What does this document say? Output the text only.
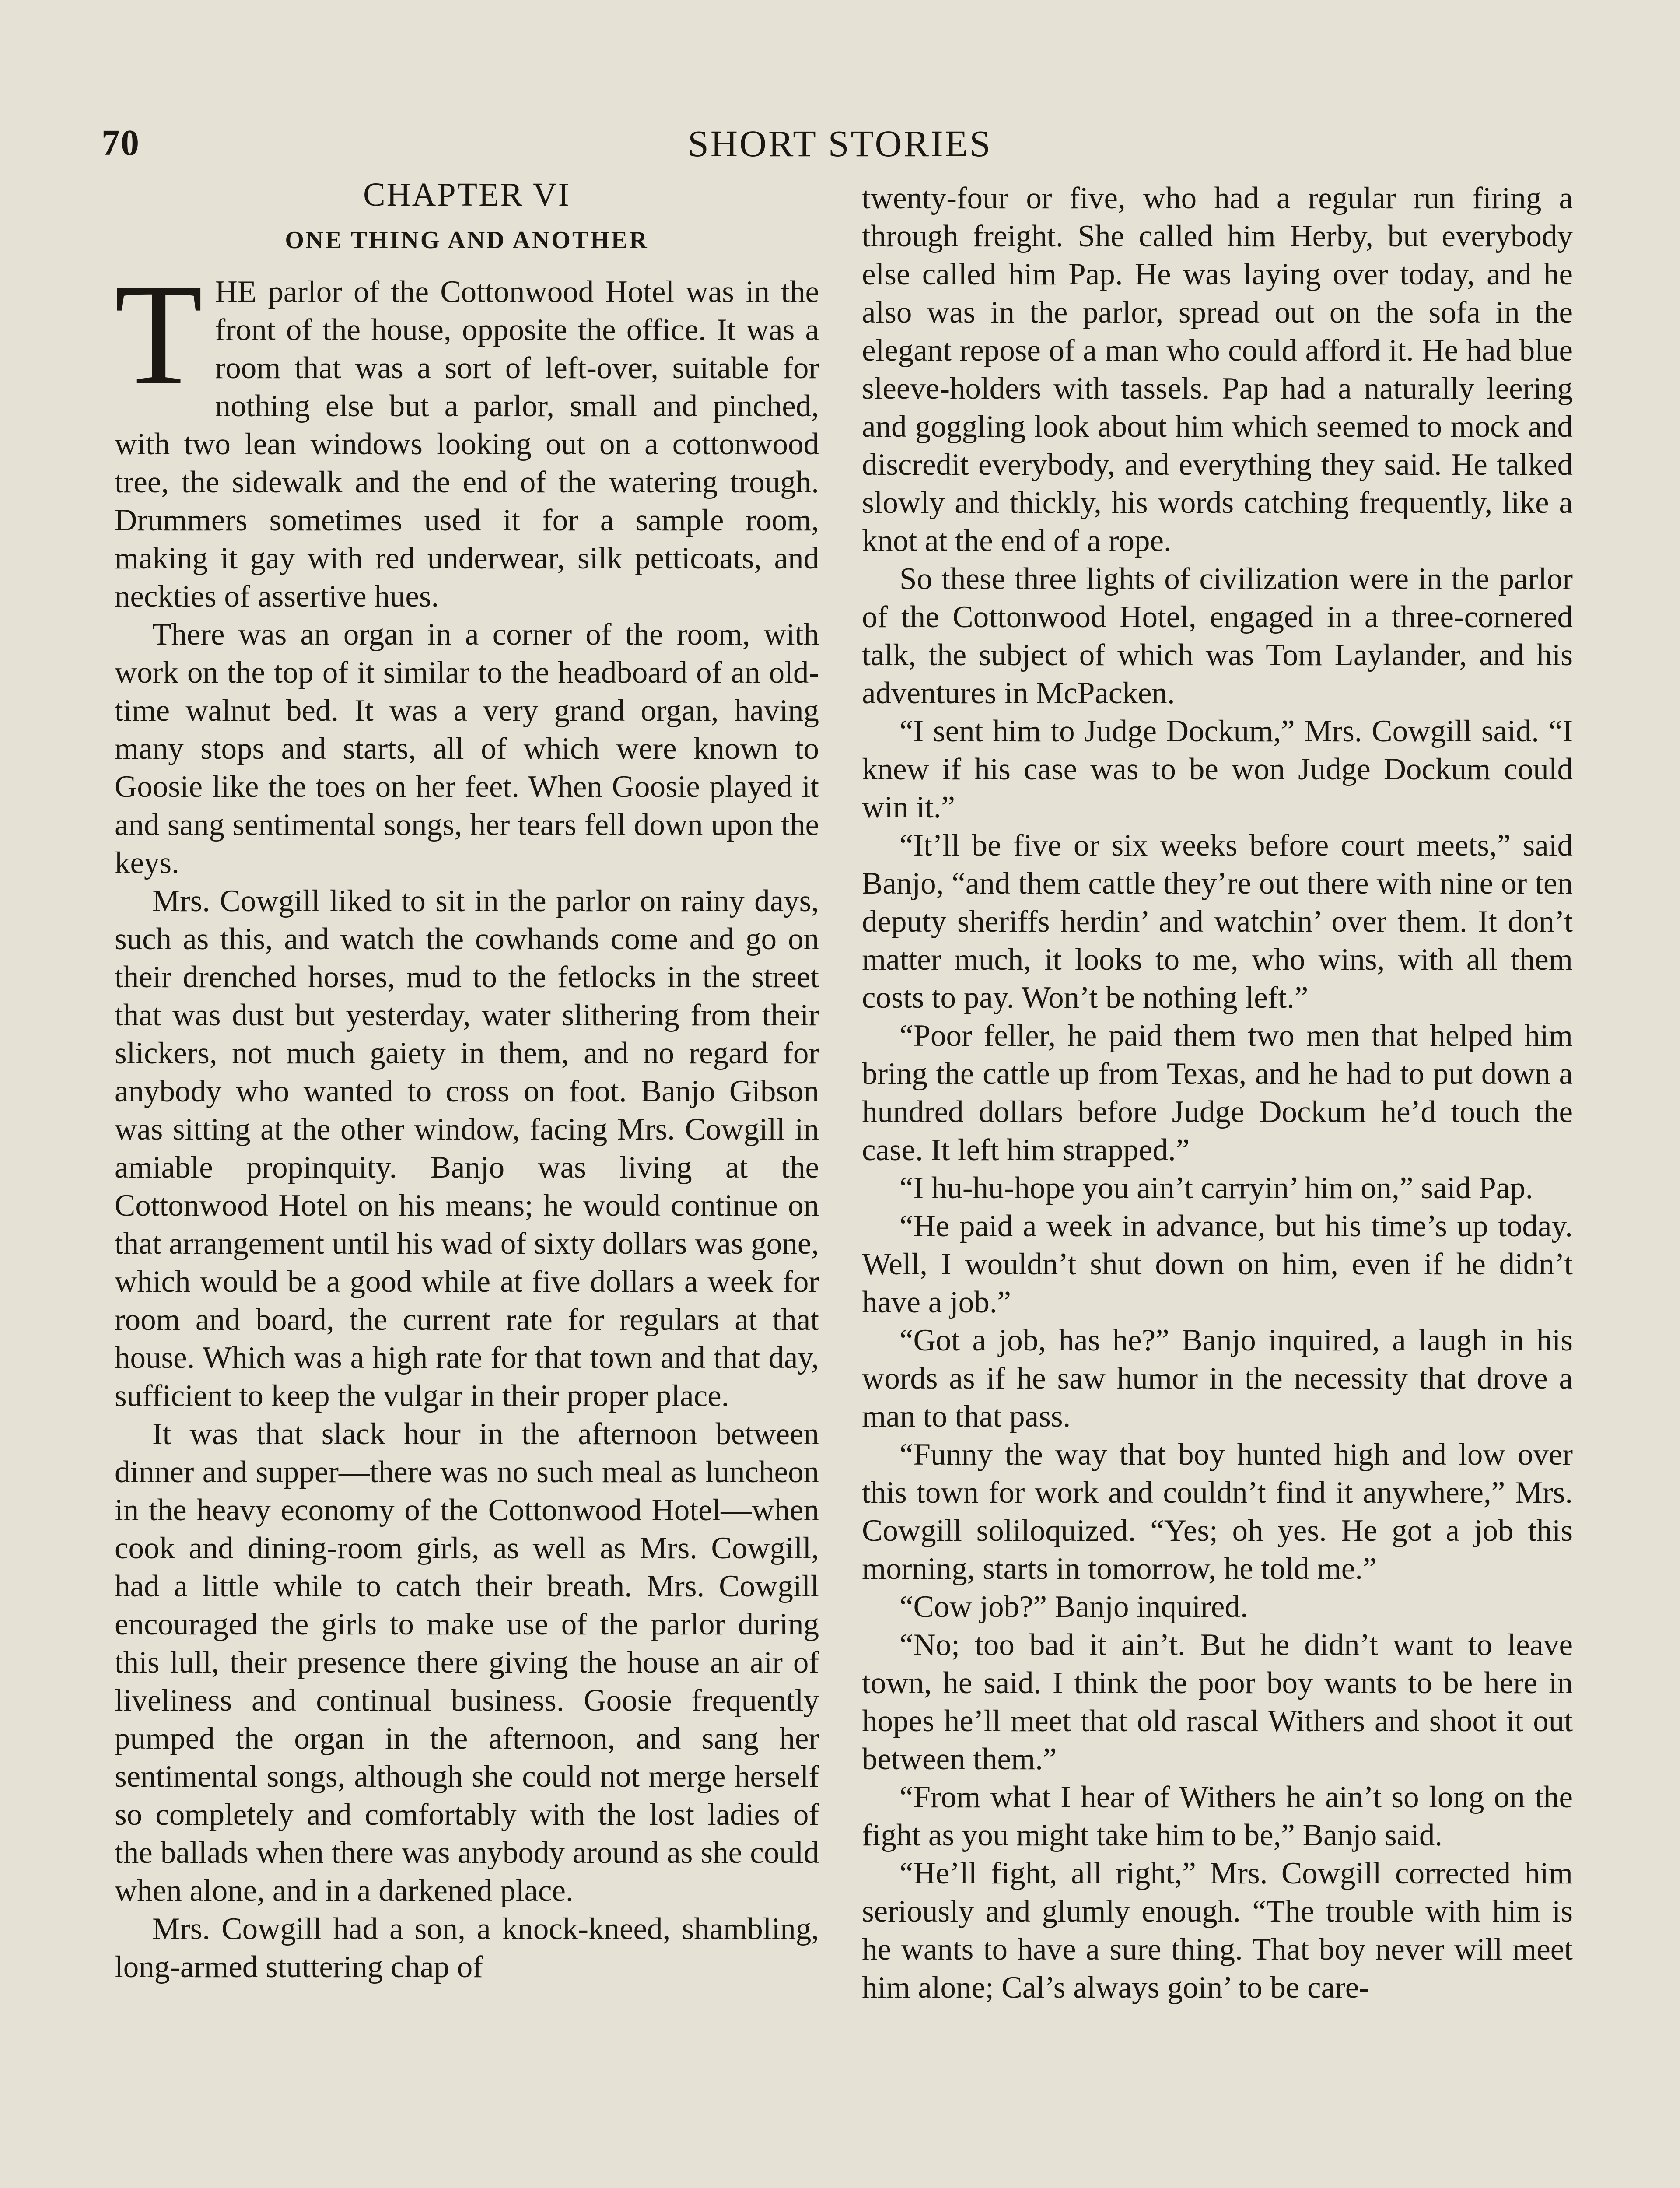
70	SHORT STORIES
CHAPTER VI
ONE THING AND ANOTHER

THE parlor of the Cottonwood Hotel was in the front of the house, opposite the office. It was a room that was a sort of left-over, suitable for nothing else but a parlor, small and pinched, with two lean windows looking out on a cottonwood tree, the sidewalk and the end of the watering trough. Drummers sometimes used it for a sample room, making it gay with red underwear, silk petticoats, and neckties of assertive hues.

There was an organ in a corner of the room, with work on the top of it similar to the headboard of an old-time walnut bed. It was a very grand organ, having many stops and starts, all of which were known to Goosie like the toes on her feet. When Goosie played it and sang sentimental songs, her tears fell down upon the keys.

Mrs. Cowgill liked to sit in the parlor on rainy days, such as this, and watch the cowhands come and go on their drenched horses, mud to the fetlocks in the street that was dust but yesterday, water slithering from their slickers, not much gaiety in them, and no regard for anybody who wanted to cross on foot. Banjo Gibson was sitting at the other window, facing Mrs. Cowgill in amiable propinquity. Banjo was living at the Cottonwood Hotel on his means; he would continue on that arrangement until his wad of sixty dollars was gone, which would be a good while at five dollars a week for room and board, the current rate for regulars at that house. Which was a high rate for that town and that day, sufficient to keep the vulgar in their proper place.

It was that slack hour in the afternoon between dinner and supper—there was no such meal as luncheon in the heavy economy of the Cottonwood Hotel—when cook and dining-room girls, as well as Mrs. Cowgill, had a little while to catch their breath. Mrs. Cowgill encouraged the girls to make use of the parlor during this lull, their presence there giving the house an air of liveliness and continual business. Goosie frequently pumped the organ in the afternoon, and sang her sentimental songs, although she could not merge herself so completely and comfortably with the lost ladies of the ballads when there was anybody around as she could when alone, and in a darkened place.

Mrs. Cowgill had a son, a knock-kneed, shambling, long-armed stuttering chap of

twenty-four or five, who had a regular run firing a through freight. She called him Herby, but everybody else called him Pap. He was laying over today, and he also was in the parlor, spread out on the sofa in the elegant repose of a man who could afford it. He had blue sleeve-holders with tassels. Pap had a naturally leering and goggling look about him which seemed to mock and discredit everybody, and everything they said. He talked slowly and thickly, his words catching frequently, like a knot at the end of a rope.

So these three lights of civilization were in the parlor of the Cottonwood Hotel, engaged in a three-cornered talk, the subject of which was Tom Laylander, and his adventures in McPacken.

“I sent him to Judge Dockum,” Mrs. Cowgill said. “I knew if his case was to be won Judge Dockum could win it.”

“It’ll be five or six weeks before court meets,” said Banjo, “and them cattle they’re out there with nine or ten deputy sheriffs herdin’ and watchin’ over them. It don’t matter much, it looks to me, who wins, with all them costs to pay. Won’t be nothing left.”

“Poor feller, he paid them two men that helped him bring the cattle up from Texas, and he had to put down a hundred dollars before Judge Dockum he’d touch the case. It left him strapped.”

“I hu-hu-hope you ain’t carryin’ him on,” said Pap.

“He paid a week in advance, but his time’s up today. Well, I wouldn’t shut down on him, even if he didn’t have a job.”

“Got a job, has he?” Banjo inquired, a laugh in his words as if he saw humor in the necessity that drove a man to that pass.

“Funny the way that boy hunted high and low over this town for work and couldn’t find it anywhere,” Mrs. Cowgill soliloquized. “Yes; oh yes. He got a job this morning, starts in tomorrow, he told me.”

“Cow job?” Banjo inquired.

“No; too bad it ain’t. But he didn’t want to leave town, he said. I think the poor boy wants to be here in hopes he’ll meet that old rascal Withers and shoot it out between them.”

“From what I hear of Withers he ain’t so long on the fight as you might take him to be,” Banjo said.

“He’ll fight, all right,” Mrs. Cowgill corrected him seriously and glumly enough. “The trouble with him is he wants to have a sure thing. That boy never will meet him alone; Cal’s always goin’ to be care-
